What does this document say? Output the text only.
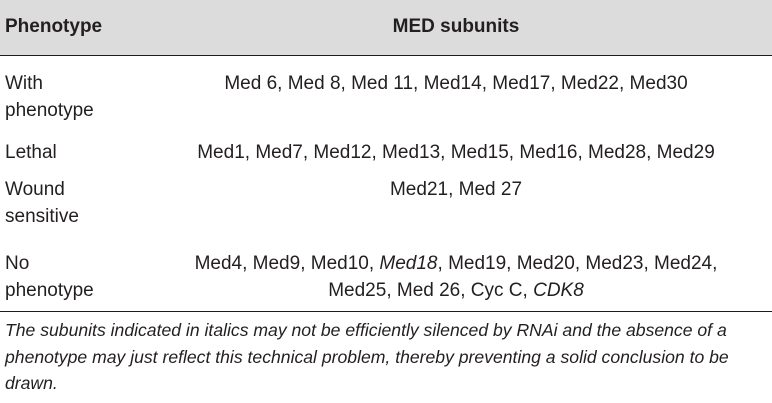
Phenotype	MED subunits
With
phenotype
Med 6, Med 8, Med 11, Med14, Med17, Med22, Med30
Lethal	Med1, Med7, Med12, Med13, Med15, Med16, Med28, Med29
Wound
sensitive
Med21, Med 27
No
phenotype
Med4, Med9, Med10, Med18, Med19, Med20, Med23, Med24,
Med25, Med 26, Cyc C, CDK8
The subunits indicated in italics may not be efficiently silenced by RNAi and the absence of a phenotype may just reflect this technical problem, thereby preventing a solid conclusion to be drawn.
